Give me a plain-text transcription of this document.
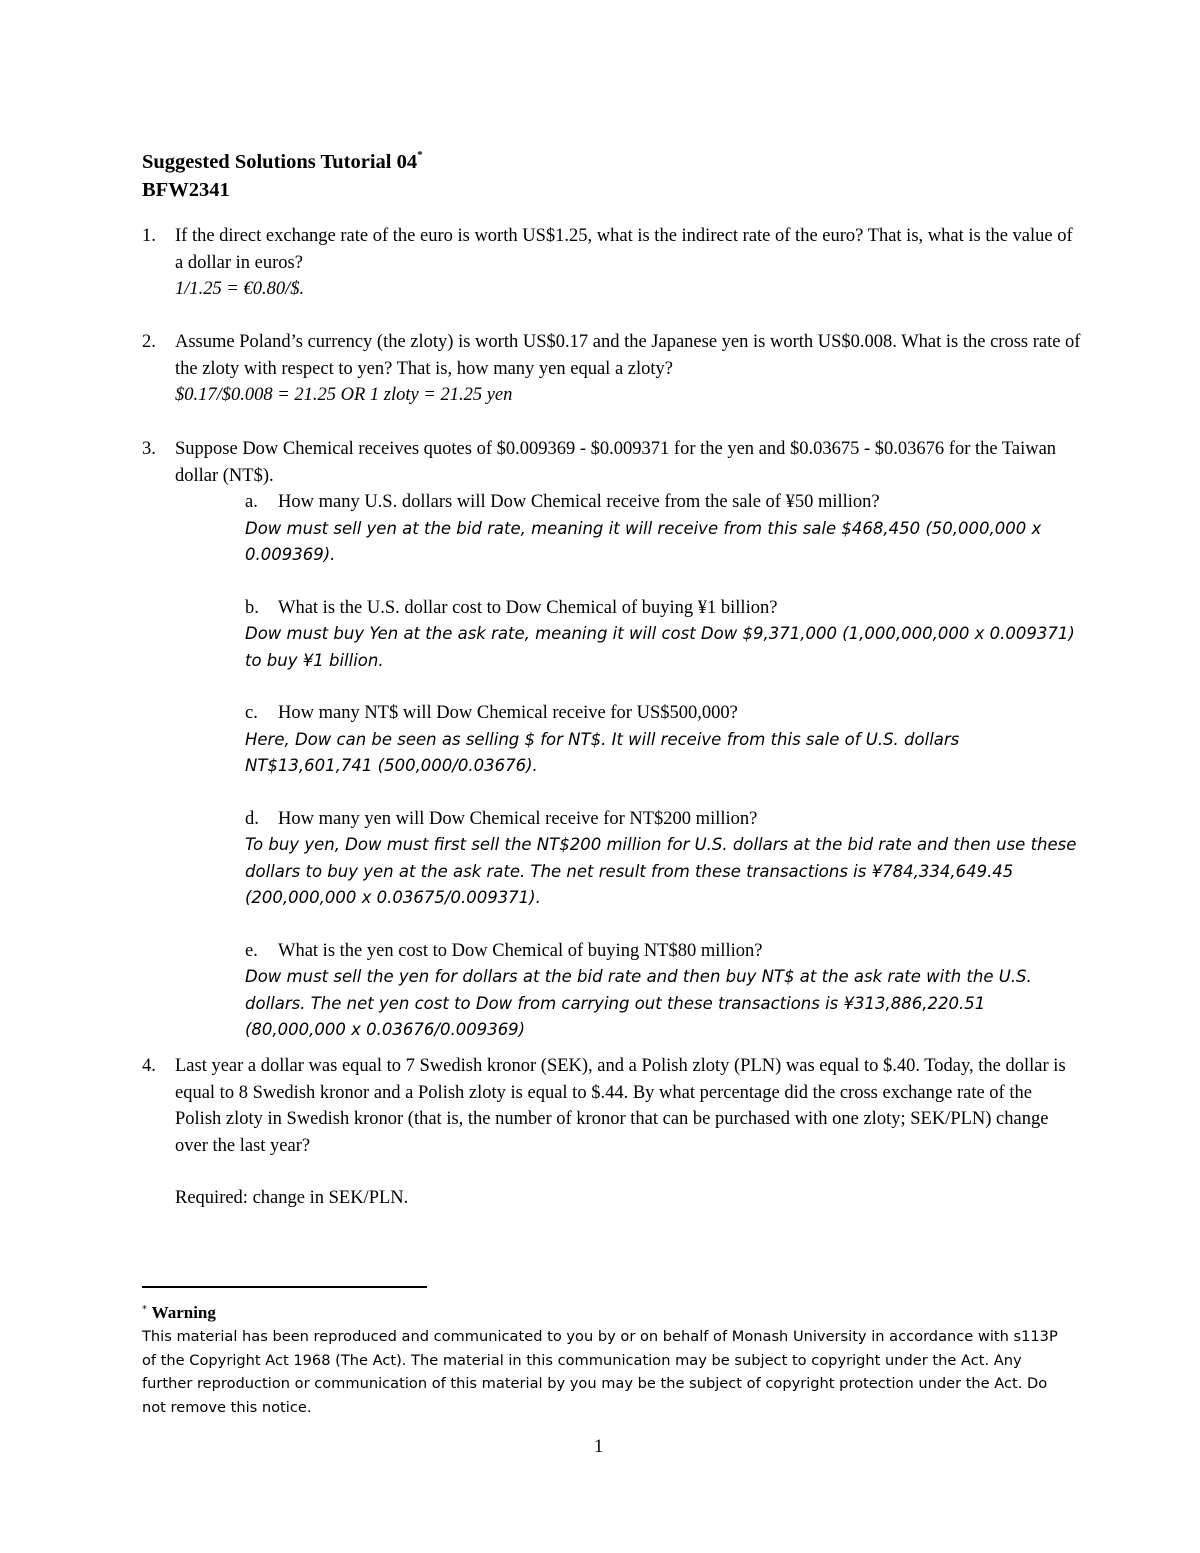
Suggested Solutions Tutorial 04*
BFW2341
1.	If the direct exchange rate of the euro is worth US$1.25, what is the indirect rate of the euro? That is, what is the value of a dollar in euros?
1/1.25 = €0.80/$.
2.	Assume Poland’s currency (the zloty) is worth US$0.17 and the Japanese yen is worth US$0.008. What is the cross rate of the zloty with respect to yen? That is, how many yen equal a zloty?
$0.17/$0.008 = 21.25 OR 1 zloty = 21.25 yen
3.	Suppose Dow Chemical receives quotes of $0.009369 - $0.009371 for the yen and $0.03675 - $0.03676 for the Taiwan dollar (NT$).
a. How many U.S. dollars will Dow Chemical receive from the sale of ¥50 million?
Dow must sell yen at the bid rate, meaning it will receive from this sale $468,450 (50,000,000 x 0.009369).
b. What is the U.S. dollar cost to Dow Chemical of buying ¥1 billion?
Dow must buy Yen at the ask rate, meaning it will cost Dow $9,371,000 (1,000,000,000 x 0.009371) to buy ¥1 billion.
c. How many NT$ will Dow Chemical receive for US$500,000?
Here, Dow can be seen as selling $ for NT$. It will receive from this sale of U.S. dollars NT$13,601,741 (500,000/0.03676).
d. How many yen will Dow Chemical receive for NT$200 million?
To buy yen, Dow must first sell the NT$200 million for U.S. dollars at the bid rate and then use these dollars to buy yen at the ask rate. The net result from these transactions is ¥784,334,649.45 (200,000,000 x 0.03675/0.009371).
e. What is the yen cost to Dow Chemical of buying NT$80 million?
Dow must sell the yen for dollars at the bid rate and then buy NT$ at the ask rate with the U.S. dollars. The net yen cost to Dow from carrying out these transactions is ¥313,886,220.51 (80,000,000 x 0.03676/0.009369)
4.	Last year a dollar was equal to 7 Swedish kronor (SEK), and a Polish zloty (PLN) was equal to $.40. Today, the dollar is equal to 8 Swedish kronor and a Polish zloty is equal to $.44. By what percentage did the cross exchange rate of the Polish zloty in Swedish kronor (that is, the number of kronor that can be purchased with one zloty; SEK/PLN) change over the last year?
Required: change in SEK/PLN.
* Warning
This material has been reproduced and communicated to you by or on behalf of Monash University in accordance with s113P of the Copyright Act 1968 (The Act). The material in this communication may be subject to copyright under the Act. Any further reproduction or communication of this material by you may be the subject of copyright protection under the Act. Do not remove this notice.
1
